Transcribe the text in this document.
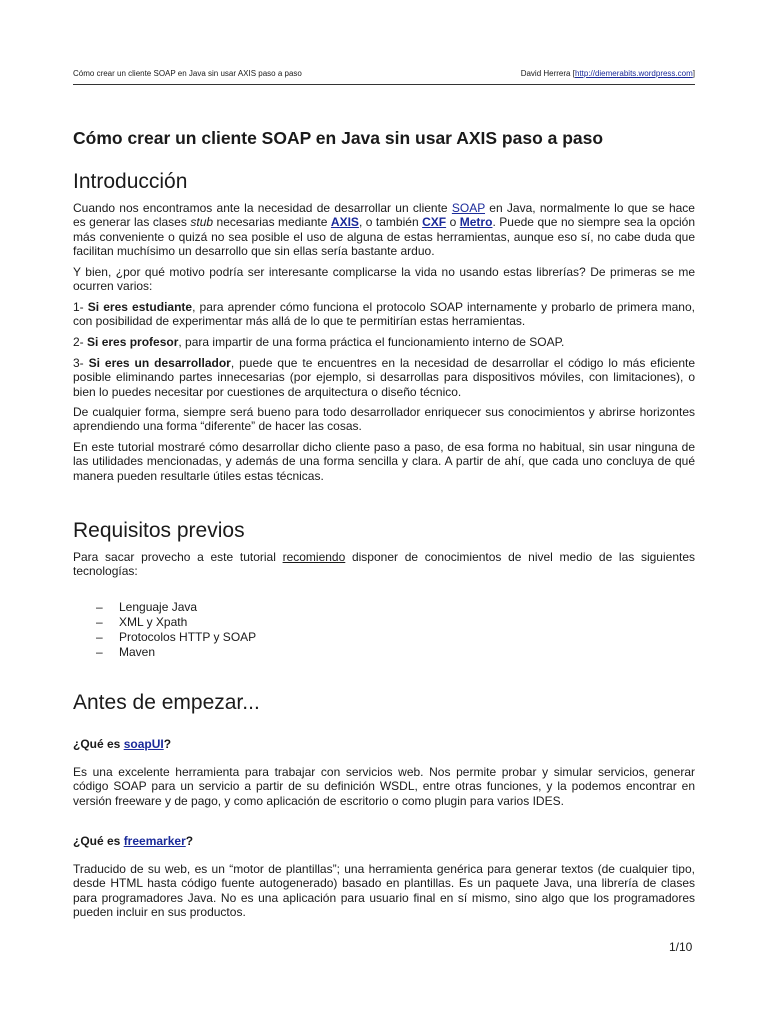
Cómo crear un cliente SOAP en Java sin usar AXIS paso a paso	David Herrera [http://diemerabits.wordpress.com]
Cómo crear un cliente SOAP en Java sin usar AXIS paso a paso
Introducción

Cuando nos encontramos ante la necesidad de desarrollar un cliente SOAP en Java, normalmente lo que se hace es generar las clases stub necesarias mediante AXIS, o también CXF o Metro. Puede que no siempre sea la opción más conveniente o quizá no sea posible el uso de alguna de estas herramientas, aunque eso sí, no cabe duda que facilitan muchísimo un desarrollo que sin ellas sería bastante arduo.

Y bien, ¿por qué motivo podría ser interesante complicarse la vida no usando estas librerías? De primeras se me ocurren varios:

1- Si eres estudiante, para aprender cómo funciona el protocolo SOAP internamente y probarlo de primera mano, con posibilidad de experimentar más allá de lo que te permitirían estas herramientas.

2- Si eres profesor, para impartir de una forma práctica el funcionamiento interno de SOAP.

3- Si eres un desarrollador, puede que te encuentres en la necesidad de desarrollar el código lo más eficiente posible eliminando partes innecesarias (por ejemplo, si desarrollas para dispositivos móviles, con limitaciones), o bien lo puedes necesitar por cuestiones de arquitectura o diseño técnico.

De cualquier forma, siempre será bueno para todo desarrollador enriquecer sus conocimientos y abrirse horizontes aprendiendo una forma “diferente” de hacer las cosas.

En este tutorial mostraré cómo desarrollar dicho cliente paso a paso, de esa forma no habitual, sin usar ninguna de las utilidades mencionadas, y además de una forma sencilla y clara. A partir de ahí, que cada uno concluya de qué manera pueden resultarle útiles estas técnicas.

Requisitos previos

Para sacar provecho a este tutorial recomiendo disponer de conocimientos de nivel medio de las siguientes tecnologías:

–	Lenguaje Java
–	XML y Xpath
–	Protocolos HTTP y SOAP
–	Maven
Antes de empezar...
¿Qué es soapUI?

Es una excelente herramienta para trabajar con servicios web. Nos permite probar y simular servicios, generar código SOAP para un servicio a partir de su definición WSDL, entre otras funciones, y la podemos encontrar en versión freeware y de pago, y como aplicación de escritorio o como plugin para varios IDES.

¿Qué es freemarker?

Traducido de su web, es un “motor de plantillas”; una herramienta genérica para generar textos (de cualquier tipo, desde HTML hasta código fuente autogenerado) basado en plantillas. Es un paquete Java, una librería de clases para programadores Java. No es una aplicación para usuario final en sí mismo, sino algo que los programadores pueden incluir en sus productos.

1/10
